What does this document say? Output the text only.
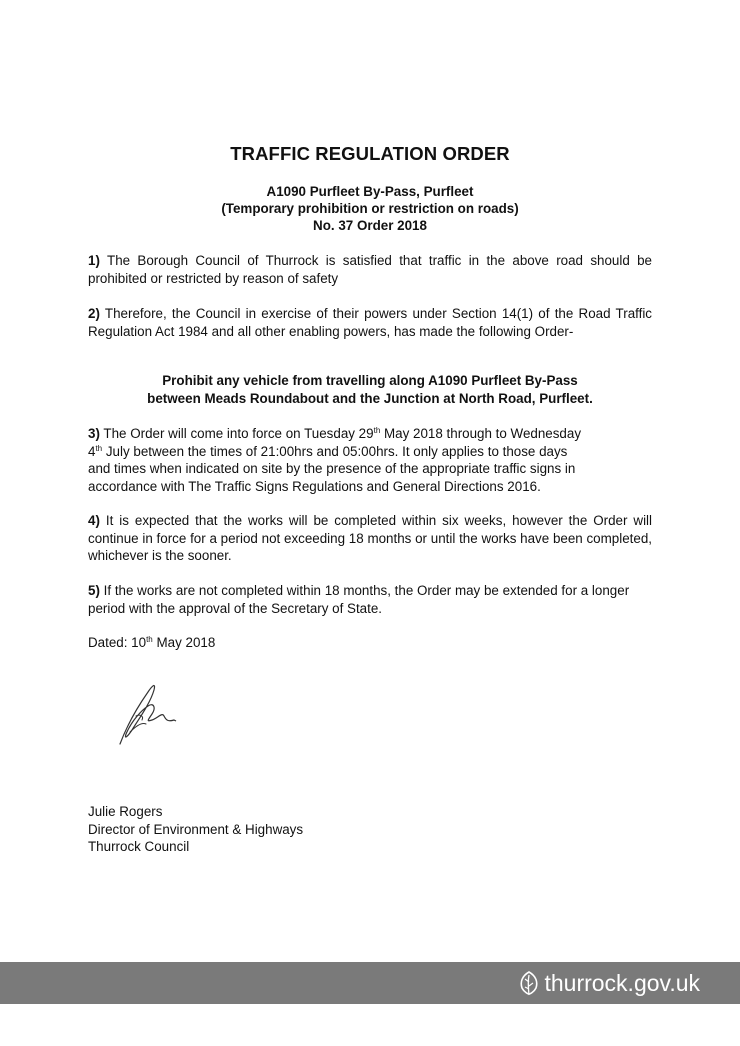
TRAFFIC REGULATION ORDER
A1090 Purfleet By-Pass, Purfleet
(Temporary prohibition or restriction on roads)
No. 37 Order 2018
1) The Borough Council of Thurrock is satisfied that traffic in the above road should be prohibited or restricted by reason of safety
2) Therefore, the Council in exercise of their powers under Section 14(1) of the Road Traffic Regulation Act 1984 and all other enabling powers, has made the following Order-
Prohibit any vehicle from travelling along A1090 Purfleet By-Pass
between Meads Roundabout and the Junction at North Road, Purfleet.
3) The Order will come into force on Tuesday 29th May 2018 through to Wednesday
4th July between the times of 21:00hrs and 05:00hrs. It only applies to those days
and times when indicated on site by the presence of the appropriate traffic signs in
accordance with The Traffic Signs Regulations and General Directions 2016.
4) It is expected that the works will be completed within six weeks, however the Order will continue in force for a period not exceeding 18 months or until the works have been completed, whichever is the sooner.
5) If the works are not completed within 18 months, the Order may be extended for a longer period with the approval of the Secretary of State.
Dated: 10th May 2018
Julie Rogers
Director of Environment & Highways
Thurrock Council
thurrock.gov.uk
